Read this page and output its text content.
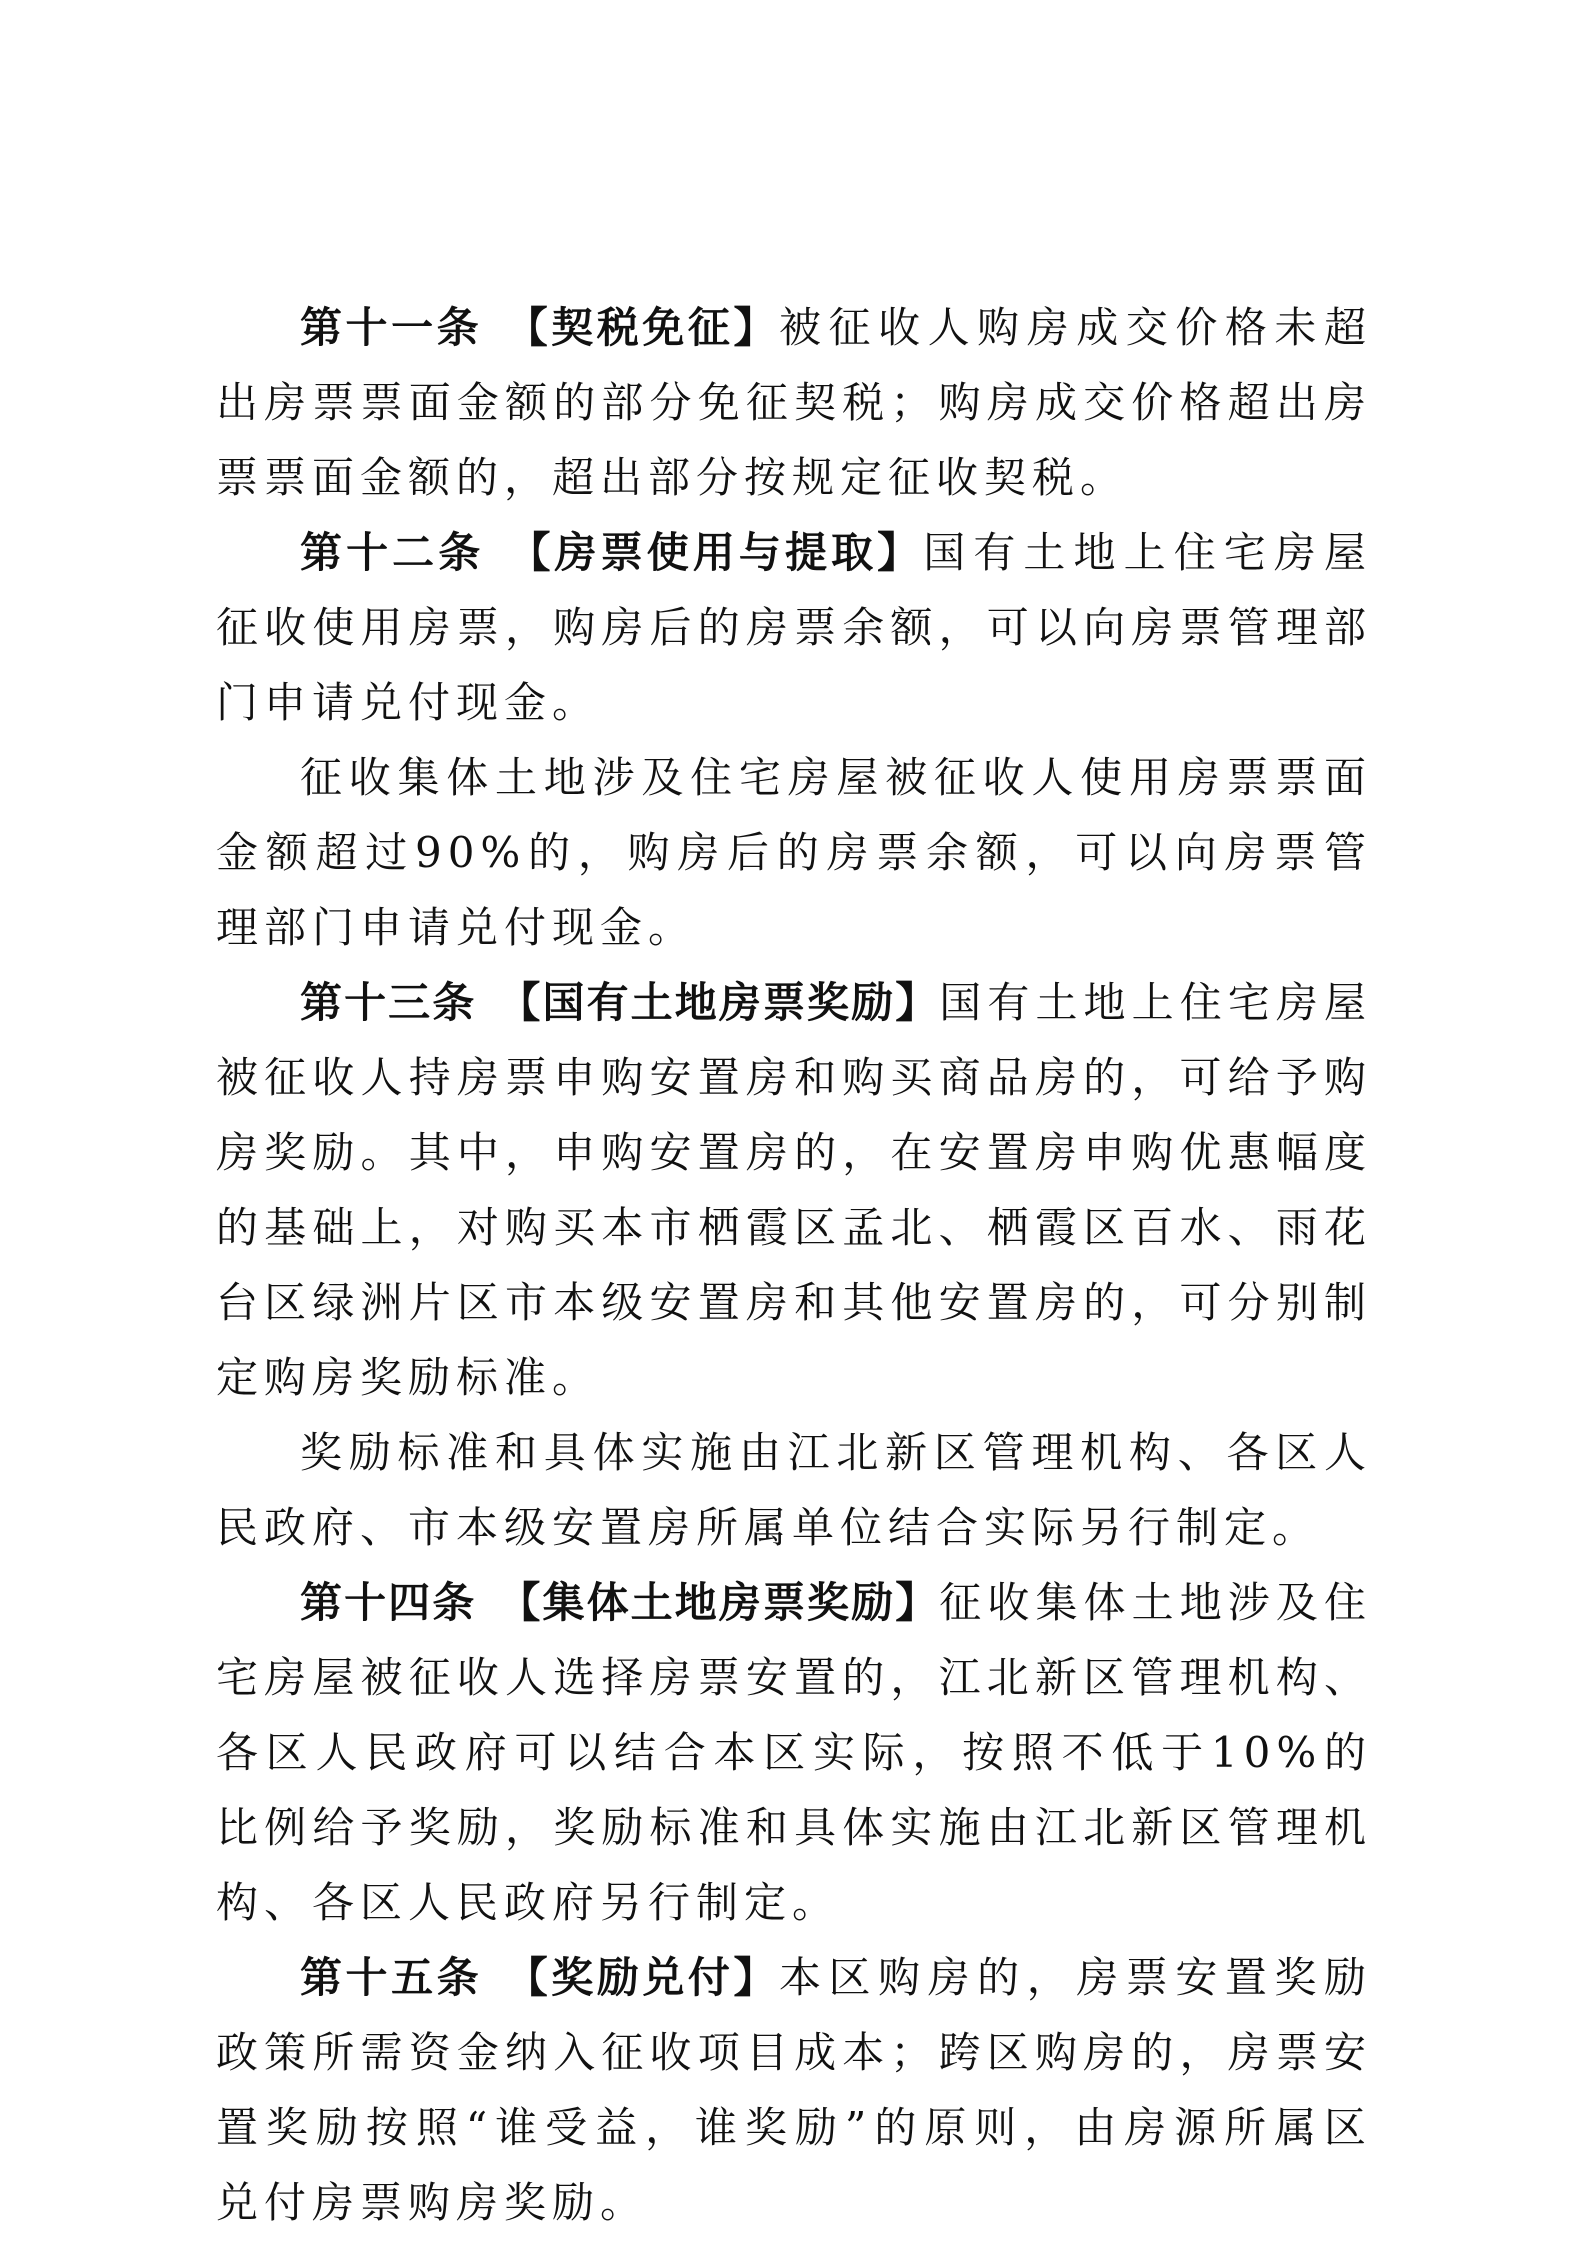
第十一条 【契税免征】被征收人购房成交价格未超出房票票面金额的部分免征契税；购房成交价格超出房票票面金额的，超出部分按规定征收契税。

第十二条 【房票使用与提取】国有土地上住宅房屋征收使用房票，购房后的房票余额，可以向房票管理部门申请兑付现金。

征收集体土地涉及住宅房屋被征收人使用房票票面金额超过90%的，购房后的房票余额，可以向房票管理部门申请兑付现金。

第十三条 【国有土地房票奖励】国有土地上住宅房屋被征收人持房票申购安置房和购买商品房的，可给予购房奖励。其中，申购安置房的，在安置房申购优惠幅度的基础上，对购买本市栖霞区孟北、栖霞区百水、雨花台区绿洲片区市本级安置房和其他安置房的，可分别制定购房奖励标准。

奖励标准和具体实施由江北新区管理机构、各区人民政府、市本级安置房所属单位结合实际另行制定。

第十四条 【集体土地房票奖励】征收集体土地涉及住宅房屋被征收人选择房票安置的，江北新区管理机构、各区人民政府可以结合本区实际，按照不低于10%的比例给予奖励，奖励标准和具体实施由江北新区管理机构、各区人民政府另行制定。

第十五条 【奖励兑付】本区购房的，房票安置奖励政策所需资金纳入征收项目成本；跨区购房的，房票安置奖励按照“谁受益，谁奖励”的原则，由房源所属区兑付房票购房奖励。
